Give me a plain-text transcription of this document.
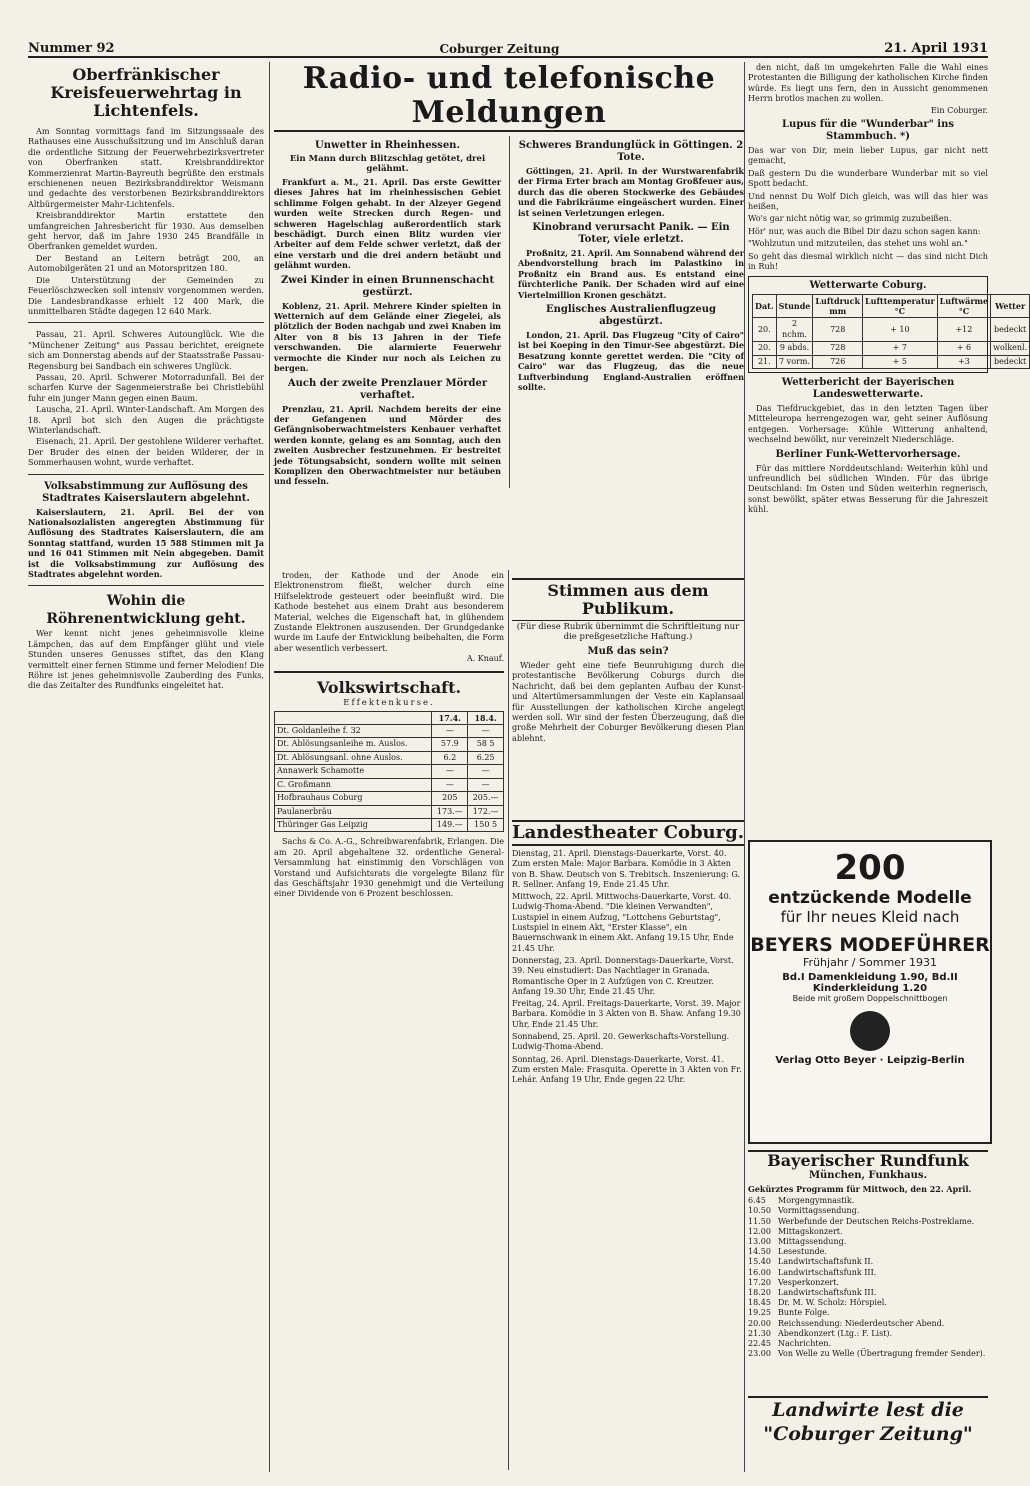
Nummer 92	Coburger Zeitung	21. April 1931
Oberfränkischer Kreisfeuerwehrtag in Lichtenfels.

Am Sonntag vormittags fand im Sitzungssaale des Rathauses eine Ausschußsitzung und im Anschluß daran die ordentliche Sitzung der Feuerwehrbezirksvertreter von Oberfranken statt. Kreisbranddirektor Kommerzienrat Martin-Bayreuth begrüßte den erstmals erschienenen neuen Bezirksbranddirektor Weismann und gedachte des verstorbenen Bezirksbranddirektors Altbürgermeister Mahr-Lichtenfels.

Kreisbranddirektor Martin erstattete den umfangreichen Jahresbericht für 1930. Aus demselben geht hervor, daß im Jahre 1930 245 Brandfälle in Oberfranken gemeldet wurden.

Der Bestand an Leitern beträgt 200, an Automobilgeräten 21 und an Motorspritzen 180.

Die Unterstützung der Gemeinden zu Feuerlöschzwecken soll intensiv vorgenommen werden. Die Landesbrandkasse erhielt 12 400 Mark, die unmittelbaren Städte dagegen 12 640 Mark.

Passau, 21. April. Schweres Autounglück. Wie die "Münchener Zeitung" aus Passau berichtet, ereignete sich am Donnerstag abends auf der Staatsstraße Passau-Regensburg bei Sandbach ein schweres Unglück.

Passau, 20. April. Schwerer Motorradunfall. Bei der scharfen Kurve der Sagenmeierstraße bei Christlebühl fuhr ein junger Mann gegen einen Baum.

Lauscha, 21. April. Winter-Landschaft. Am Morgen des 18. April bot sich den Augen die prächtigste Winterlandschaft.

Eisenach, 21. April. Der gestohlene Wilderer verhaftet. Der Bruder des einen der beiden Wilderer, der in Sommerhausen wohnt, wurde verhaftet.

Volksabstimmung zur Auflösung des Stadtrates Kaiserslautern abgelehnt.

Kaiserslautern, 21. April. Bei der von Nationalsozialisten angeregten Abstimmung für Auflösung des Stadtrates Kaiserslautern, die am Sonntag stattfand, wurden 15 588 Stimmen mit Ja und 16 041 Stimmen mit Nein abgegeben. Damit ist die Volksabstimmung zur Auflösung des Stadtrates abgelehnt worden.

Wohin die Röhrenentwicklung geht.

Wer kennt nicht jenes geheimnisvolle kleine Lämpchen, das auf dem Empfänger glüht und viele Stunden unseres Genusses stiftet, das den Klang vermittelt einer fernen Stimme und ferner Melodien! Die Röhre ist jenes geheimnisvolle Zauberding des Funks, die das Zeitalter des Rundfunks eingeleitet hat.

Radio- und telefonische Meldungen
Unwetter in Rheinhessen.
Ein Mann durch Blitzschlag getötet, drei gelähmt.

Frankfurt a. M., 21. April. Das erste Gewitter dieses Jahres hat im rheinhessischen Gebiet schlimme Folgen gehabt. In der Alzeyer Gegend wurden weite Strecken durch Regen- und schweren Hagelschlag außerordentlich stark beschädigt. Durch einen Blitz wurden vier Arbeiter auf dem Felde schwer verletzt, daß der eine verstarb und die drei andern betäubt und gelähmt wurden.

Zwei Kinder in einen Brunnenschacht gestürzt.

Koblenz, 21. April. Mehrere Kinder spielten in Wetternich auf dem Gelände einer Ziegelei, als plötzlich der Boden nachgab und zwei Knaben im Alter von 8 bis 13 Jahren in der Tiefe verschwanden. Die alarmierte Feuerwehr vermochte die Kinder nur noch als Leichen zu bergen.

Auch der zweite Prenzlauer Mörder verhaftet.

Prenzlau, 21. April. Nachdem bereits der eine der Gefangenen und Mörder des Gefängnisoberwachtmeisters Kenbauer verhaftet werden konnte, gelang es am Sonntag, auch den zweiten Ausbrecher festzunehmen. Er bestreitet jede Tötungsabsicht, sondern wollte mit seinen Komplizen den Oberwachtmeister nur betäuben und fesseln.

Schweres Brandunglück in Göttingen. 2 Tote.

Göttingen, 21. April. In der Wurstwarenfabrik der Firma Erter brach am Montag Großfeuer aus, durch das die oberen Stockwerke des Gebäudes und die Fabrikräume eingeäschert wurden. Einer ist seinen Verletzungen erlegen.

Kinobrand verursacht Panik. — Ein Toter, viele erletzt.

Proßnitz, 21. April. Am Sonnabend während der Abendvorstellung brach im Palastkino in Proßnitz ein Brand aus. Es entstand eine fürchterliche Panik. Der Schaden wird auf eine Viertelmillion Kronen geschätzt.

Englisches Australienflugzeug abgestürzt.

London, 21. April. Das Flugzeug "City of Cairo" ist bei Koeping in den Timur-See abgestürzt. Die Besatzung konnte gerettet werden. Die "City of Cairo" war das Flugzeug, das die neue Luftverbindung England-Australien eröffnen sollte.

troden, der Kathode und der Anode ein Elektronenstrom fließt, welcher durch eine Hilfselektrode gesteuert oder beeinflußt wird. Die Kathode bestehet aus einem Draht aus besonderem Material, welches die Eigenschaft hat, in glühendem Zustande Elektronen auszusenden. Der Grundgedanke wurde im Laufe der Entwicklung beibehalten, die Form aber wesentlich verbessert.

A. Knauf.
Volkswirtschaft.
Effektenkurse.
	17.4.	18.4.
Dt. Goldanleihe f. 32	—	—
Dt. Ablösungsanleihe m. Auslos.	57.9	58 5
Dt. Ablösungsanl. ohne Auslos.	6.2	6.25
Annawerk Schamotte	—	—
C. Großmann	—	—
Hofbrauhaus Coburg	205	205.—
Paulanerbräu	173.—	172.—
Thüringer Gas Leipzig	149.—	150 5

Sachs & Co. A.-G., Schreibwarenfabrik, Erlangen. Die am 20. April abgehaltene 32. ordentliche General-Versammlung hat einstimmig den Vorschlägen von Vorstand und Aufsichtsrats die vorgelegte Bilanz für das Geschäftsjahr 1930 genehmigt und die Verteilung einer Dividende von 6 Prozent beschlossen.

Stimmen aus dem Publikum.
(Für diese Rubrik übernimmt die Schriftleitung nur die preßgesetzliche Haftung.)
Muß das sein?

Wieder geht eine tiefe Beunruhigung durch die protestantische Bevölkerung Coburgs durch die Nachricht, daß bei dem geplanten Aufbau der Kunst- und Altertümersammlungen der Veste ein Kaplansaal für Ausstellungen der katholischen Kirche angelegt werden soll. Wir sind der festen Überzeugung, daß die große Mehrheit der Coburger Bevölkerung diesen Plan ablehnt.

Landestheater Coburg.

Dienstag, 21. April. Dienstags-Dauerkarte, Vorst. 40. Zum ersten Male: Major Barbara. Komödie in 3 Akten von B. Shaw. Deutsch von S. Trebitsch. Inszenierung: G. R. Sellner. Anfang 19, Ende 21.45 Uhr.

Mittwoch, 22. April. Mittwochs-Dauerkarte, Vorst. 40. Ludwig-Thoma-Abend. "Die kleinen Verwandten", Lustspiel in einem Aufzug, "Lottchens Geburtstag", Lustspiel in einem Akt, "Erster Klasse", ein Bauernschwank in einem Akt. Anfang 19.15 Uhr, Ende 21.45 Uhr.

Donnerstag, 23. April. Donnerstags-Dauerkarte, Vorst. 39. Neu einstudiert: Das Nachtlager in Granada. Romantische Oper in 2 Aufzügen von C. Kreutzer. Anfang 19.30 Uhr, Ende 21.45 Uhr.

Freitag, 24. April. Freitags-Dauerkarte, Vorst. 39. Major Barbara. Komödie in 3 Akten von B. Shaw. Anfang 19.30 Uhr, Ende 21.45 Uhr.

Sonnabend, 25. April. 20. Gewerkschafts-Vorstellung. Ludwig-Thoma-Abend.

Sonntag, 26. April. Dienstags-Dauerkarte, Vorst. 41. Zum ersten Male: Frasquita. Operette in 3 Akten von Fr. Lehár. Anfang 19 Uhr, Ende gegen 22 Uhr.

den nicht, daß im umgekehrten Falle die Wahl eines Protestanten die Billigung der katholischen Kirche finden würde. Es liegt uns fern, den in Aussicht genommenen Herrn brotlos machen zu wollen.

Ein Coburger.
Lupus für die "Wunderbar" ins Stammbuch. *)
Das war von Dir, mein lieber Lupus, gar nicht nett gemacht,
Daß gestern Du die wunderbare Wunderbar mit so viel Spott bedacht.
Und nennst Du Wolf Dich gleich, was will das hier was heißen,
Wo's gar nicht nötig war, so grimmig zuzubeißen.
Hör' nur, was auch die Bibel Dir dazu schon sagen kann:
"Wohlzutun und mitzuteilen, das stehet uns wohl an."
So geht das diesmal wirklich nicht — das sind nicht Dich in Ruh!
Wetterwarte Coburg.
Dat.	Stunde	Luftdruck mm	Lufttemperatur °C	Luftwärme °C	Wetter
20.	2 nchm.	728	+ 10	+12	bedeckt
20.	9 abds.	728	+ 7	+ 6	wolkenl.
21.	7 vorm.	726	+ 5	+3	bedeckt
Wetterbericht der Bayerischen Landeswetterwarte.

Das Tiefdruckgebiet, das in den letzten Tagen über Mitteleuropa herrengezogen war, geht seiner Auflösung entgegen. Vorhersage: Kühle Witterung anhaltend, wechselnd bewölkt, nur vereinzelt Niederschläge.

Berliner Funk-Wettervorhersage.

Für das mittlere Norddeutschland: Weiterhin kühl und unfreundlich bei südlichen Winden. Für das übrige Deutschland: Im Osten und Süden weiterhin regnerisch, sonst bewölkt, später etwas Besserung für die Jahreszeit kühl.

200
entzückende Modelle
für Ihr neues Kleid nach
BEYERS MODEFÜHRER
Frühjahr / Sommer 1931
Bd.I Damenkleidung 1.90, Bd.II Kinderkleidung 1.20
Beide mit großem Doppelschnittbogen
Verlag Otto Beyer · Leipzig-Berlin
Bayerischer Rundfunk
München, Funkhaus.
Gekürztes Programm für Mittwoch, den 22. April.
6.45	Morgengymnastik.
10.50 Vormittagssendung.
11.50 Werbefunde der Deutschen Reichs-Postreklame.
12.00 Mittagskonzert.
13.00 Mittagssendung.
14.50 Lesestunde.
15.40 Landwirtschaftsfunk II.
16.00 Landwirtschaftsfunk III.
17.20 Vesperkonzert.
18.20 Landwirtschaftsfunk III.
18.45 Dr. M. W. Scholz: Hörspiel.
19.25 Bunte Folge.
20.00 Reichssendung: Niederdeutscher Abend.
21.30 Abendkonzert (Ltg.: F. List).
22.45 Nachrichten.
23.00 Von Welle zu Welle (Übertragung fremder Sender).
Landwirte lest die
"Coburger Zeitung"
